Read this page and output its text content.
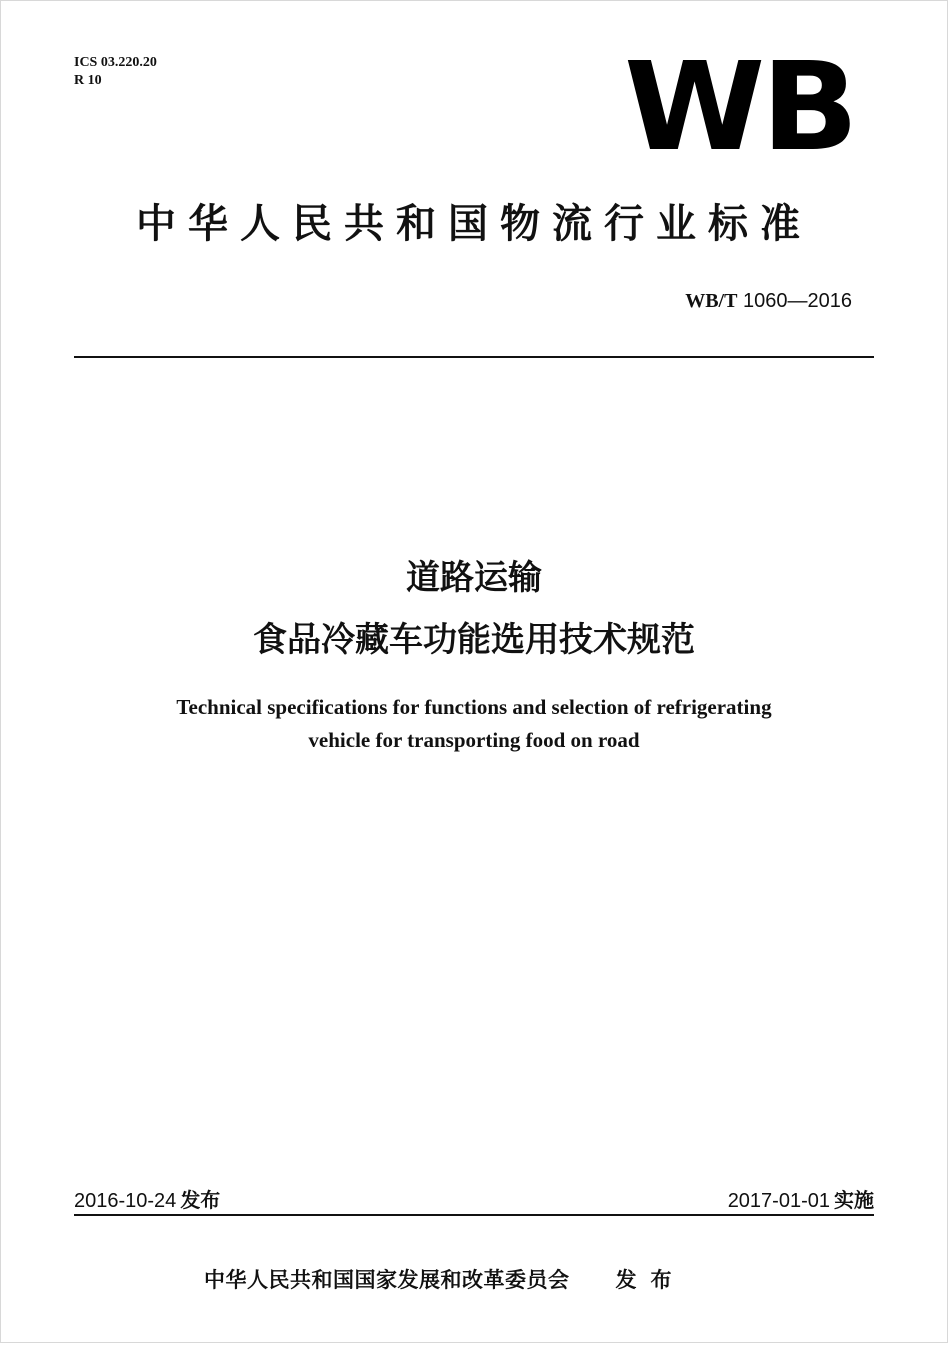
ICS 03.220.20
R 10	WB
中华人民共和国物流行业标准
WB/T 1060—2016
道路运输
食品冷藏车功能选用技术规范
Technical specifications for functions and selection of refrigerating
vehicle for transporting food on road
2016-10-24 发布	2017-01-01 实施
中华人民共和国国家发展和改革委员会 发布
